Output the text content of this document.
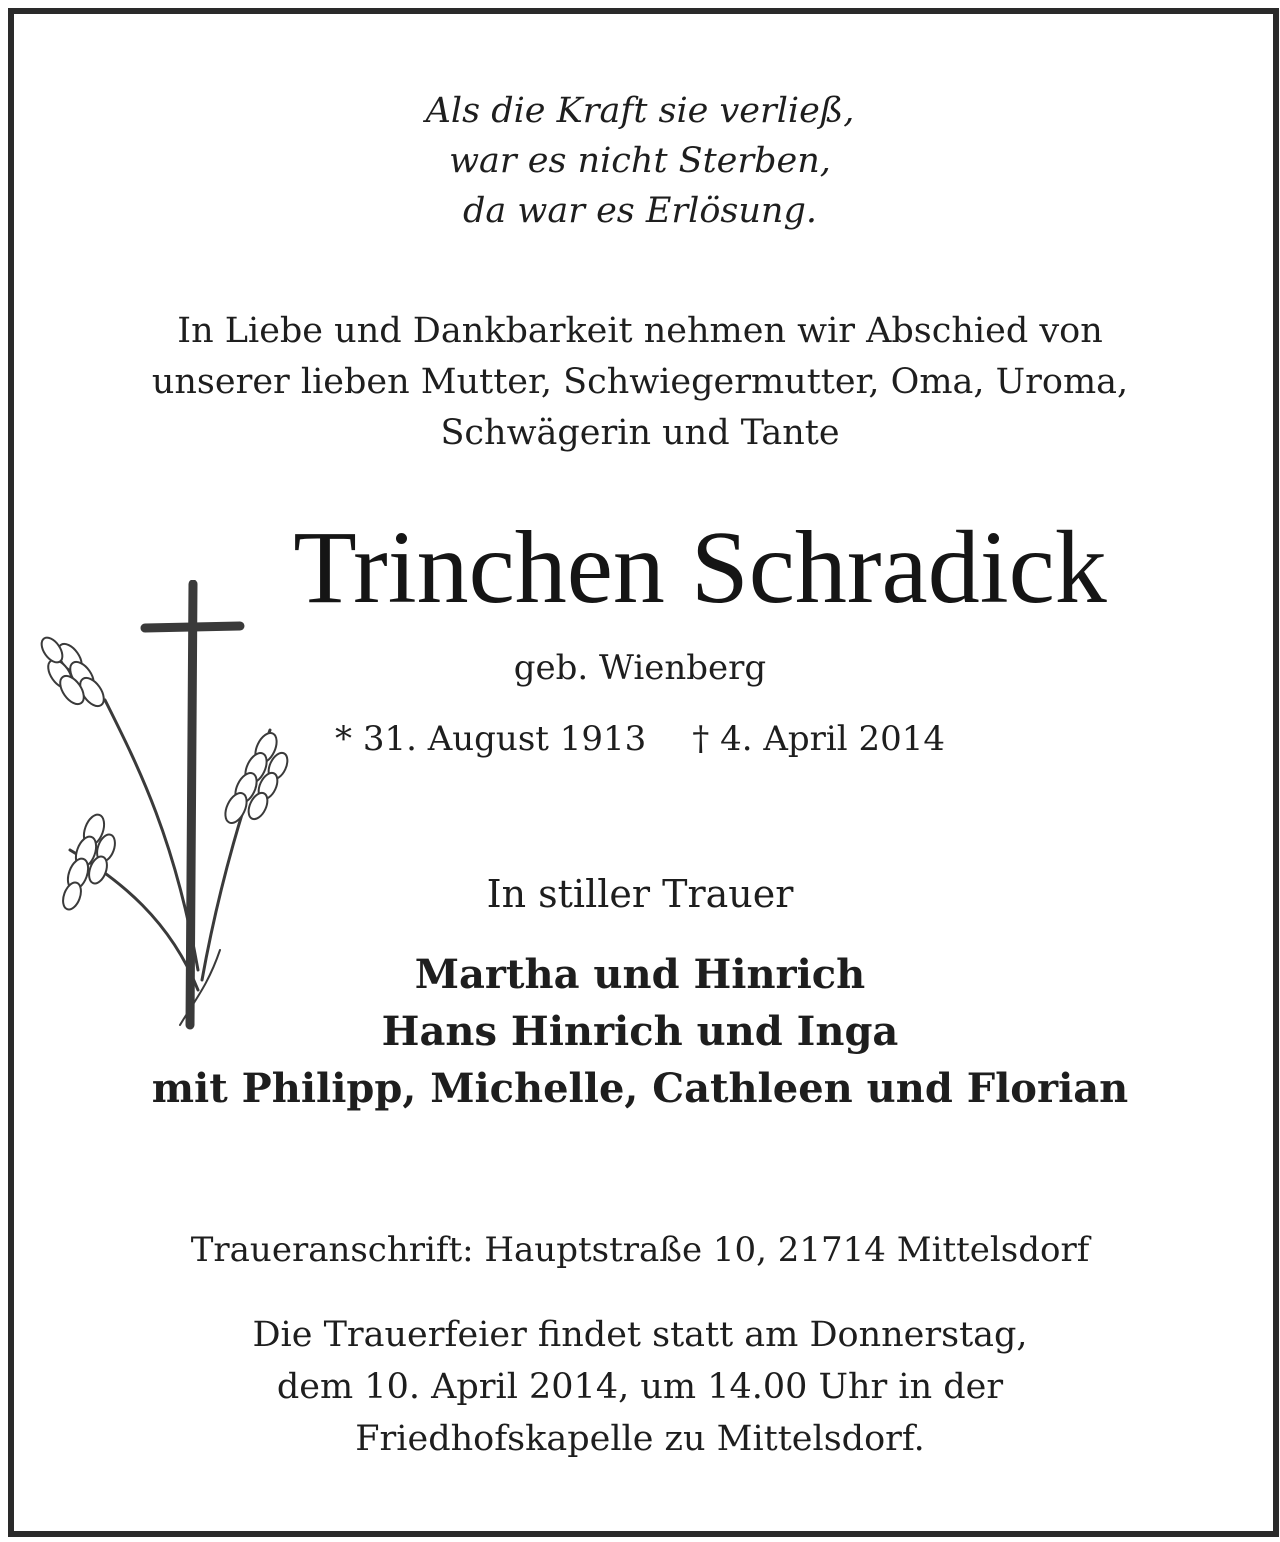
Als die Kraft sie verließ,
war es nicht Sterben,
da war es Erlösung.
In Liebe und Dankbarkeit nehmen wir Abschied von
unserer lieben Mutter, Schwiegermutter, Oma, Uroma,
Schwägerin und Tante
Trinchen Schradick
geb. Wienberg
* 31. August 1913 † 4. April 2014
In stiller Trauer
Martha und Hinrich
Hans Hinrich und Inga
mit Philipp, Michelle, Cathleen und Florian
Traueranschrift: Hauptstraße 10, 21714 Mittelsdorf
Die Trauerfeier findet statt am Donnerstag,
dem 10. April 2014, um 14.00 Uhr in der
Friedhofskapelle zu Mittelsdorf.
